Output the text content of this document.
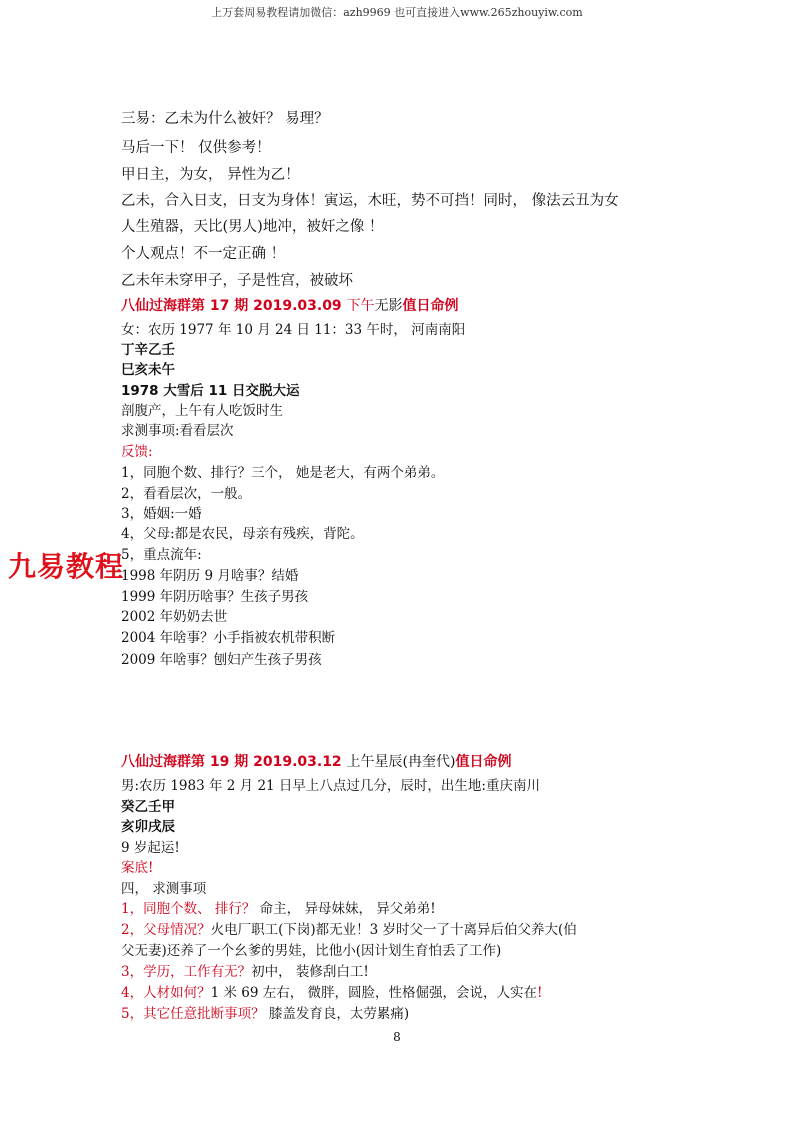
上万套周易教程请加微信：azh9969 也可直接进入www.265zhouyiw.com
三易：乙未为什么被奸？ 易理？
马后一下！ 仅供参考！
甲日主，为女， 异性为乙！
乙未，合入日支，日支为身体！寅运，木旺，势不可挡！同时， 像法云丑为女
人生殖器，天比(男人)地冲，被奸之像 ！
个人观点！不一定正确 ！
乙未年未穿甲子，子是性宫，被破坏
八仙过海群第 17 期 2019.03.09 下午无影值日命例
女：农历 1977 年 10 月 24 日 11：33 午时， 河南南阳
丁辛乙壬
巳亥未午
1978 大雪后 11 日交脱大运
剖腹产，上午有人吃饭时生
求测事项:看看层次
反馈:
1，同胞个数、排行？三个， 她是老大，有两个弟弟。
2，看看层次，一般。
3，婚姻:一婚
4，父母:都是农民，母亲有残疾，背陀。
5，重点流年:
1998 年阴历 9 月啥事？结婚
1999 年阴历啥事？生孩子男孩
2002 年奶奶去世
2004 年啥事？小手指被农机带积断
2009 年啥事？刨妇产生孩子男孩
九易教程
八仙过海群第 19 期 2019.03.12 上午星辰(冉奎代)值日命例
男:农历 1983 年 2 月 21 日早上八点过几分，辰时，出生地:重庆南川
癸乙壬甲
亥卯戌辰
9 岁起运!
案底!
四， 求测事项
1，同胞个数、 排行？ 命主， 异母妹妹， 异父弟弟!
2，父母情况？火电厂职工(下岗)都无业！3 岁时父一了十离异后伯父养大(伯
父无妻)还养了一个幺爹的男娃，比他小(因计划生育怕丢了工作)
3，学历，工作有无？初中， 装修刮白工!
4，人材如何？1 米 69 左右， 微胖，圆脸，性格倔强，会说，人实在!
5，其它任意批断事项？ 膝盖发育良，太劳累痛)
8
